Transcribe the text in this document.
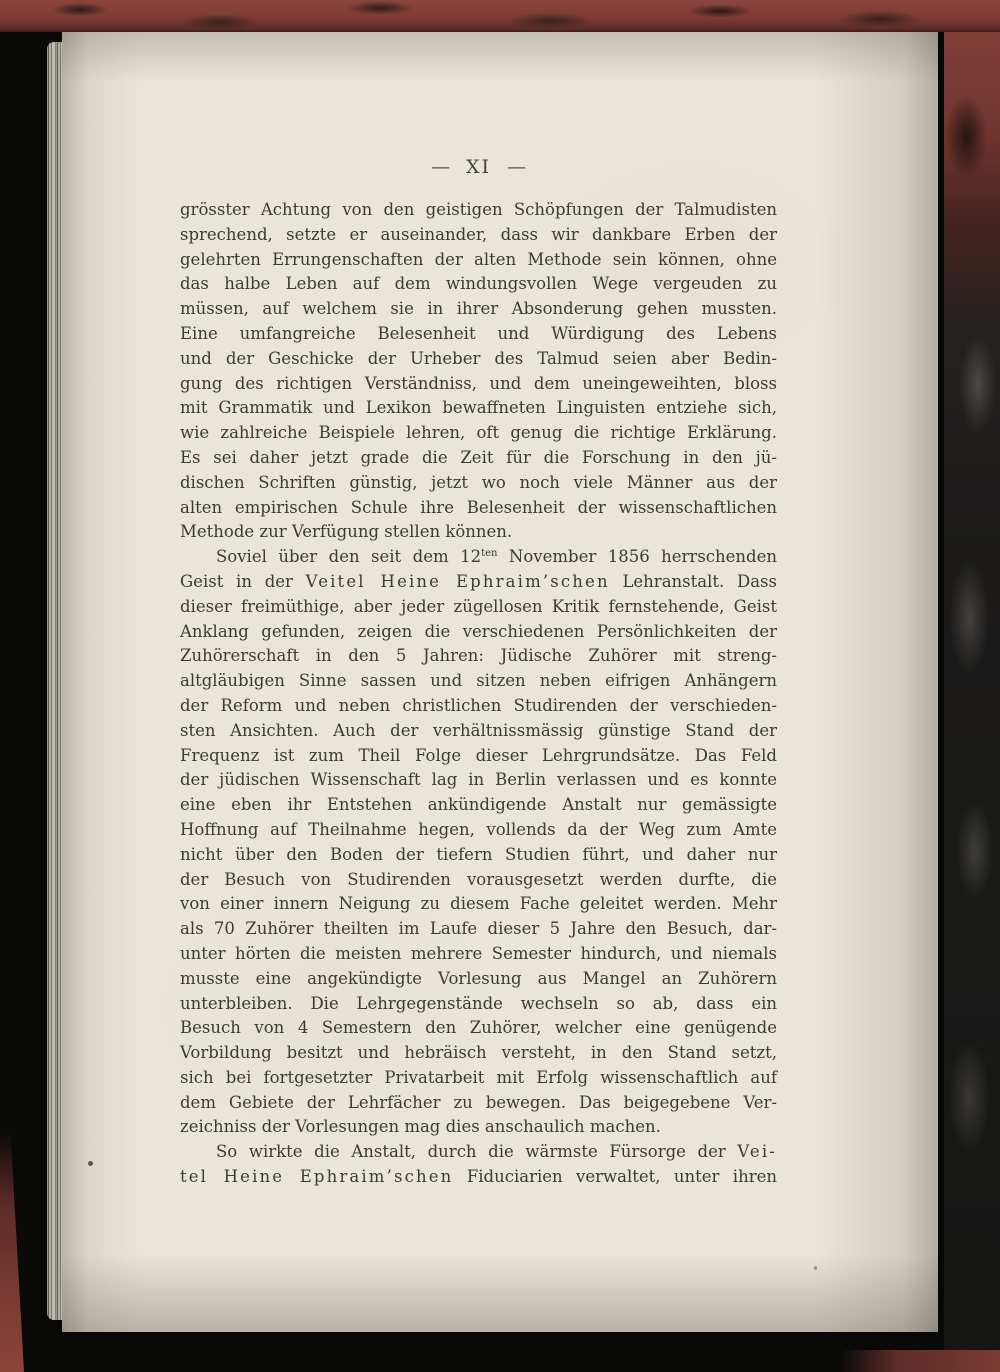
— XI —
grösster Achtung von den geistigen Schöpfungen der Talmudisten
sprechend, setzte er auseinander, dass wir dankbare Erben der
gelehrten Errungenschaften der alten Methode sein können, ohne
das halbe Leben auf dem windungsvollen Wege vergeuden zu
müssen, auf welchem sie in ihrer Absonderung gehen mussten.
Eine umfangreiche Belesenheit und Würdigung des Lebens
und der Geschicke der Urheber des Talmud seien aber Bedin-
gung des richtigen Verständniss, und dem uneingeweihten, bloss
mit Grammatik und Lexikon bewaffneten Linguisten entziehe sich,
wie zahlreiche Beispiele lehren, oft genug die richtige Erklärung.
Es sei daher jetzt grade die Zeit für die Forschung in den jü-
dischen Schriften günstig, jetzt wo noch viele Männer aus der
alten empirischen Schule ihre Belesenheit der wissenschaftlichen
Methode zur Verfügung stellen können.
Soviel über den seit dem $12^{ten}$ November 1856 herrschenden
Geist in der Veitel Heine Ephraim’schen Lehranstalt. Dass
dieser freimüthige, aber jeder zügellosen Kritik fernstehende, Geist
Anklang gefunden, zeigen die verschiedenen Persönlichkeiten der
Zuhörerschaft in den 5 Jahren: Jüdische Zuhörer mit streng-
altgläubigen Sinne sassen und sitzen neben eifrigen Anhängern
der Reform und neben christlichen Studirenden der verschieden-
sten Ansichten. Auch der verhältnissmässig günstige Stand der
Frequenz ist zum Theil Folge dieser Lehrgrundsätze. Das Feld
der jüdischen Wissenschaft lag in Berlin verlassen und es konnte
eine eben ihr Entstehen ankündigende Anstalt nur gemässigte
Hoffnung auf Theilnahme hegen, vollends da der Weg zum Amte
nicht über den Boden der tiefern Studien führt, und daher nur
der Besuch von Studirenden vorausgesetzt werden durfte, die
von einer innern Neigung zu diesem Fache geleitet werden. Mehr
als 70 Zuhörer theilten im Laufe dieser 5 Jahre den Besuch, dar-
unter hörten die meisten mehrere Semester hindurch, und niemals
musste eine angekündigte Vorlesung aus Mangel an Zuhörern
unterbleiben. Die Lehrgegenstände wechseln so ab, dass ein
Besuch von 4 Semestern den Zuhörer, welcher eine genügende
Vorbildung besitzt und hebräisch versteht, in den Stand setzt,
sich bei fortgesetzter Privatarbeit mit Erfolg wissenschaftlich auf
dem Gebiete der Lehrfächer zu bewegen. Das beigegebene Ver-
zeichniss der Vorlesungen mag dies anschaulich machen.
So wirkte die Anstalt, durch die wärmste Fürsorge der Vei-
tel Heine Ephraim’schen Fiduciarien verwaltet, unter ihren
